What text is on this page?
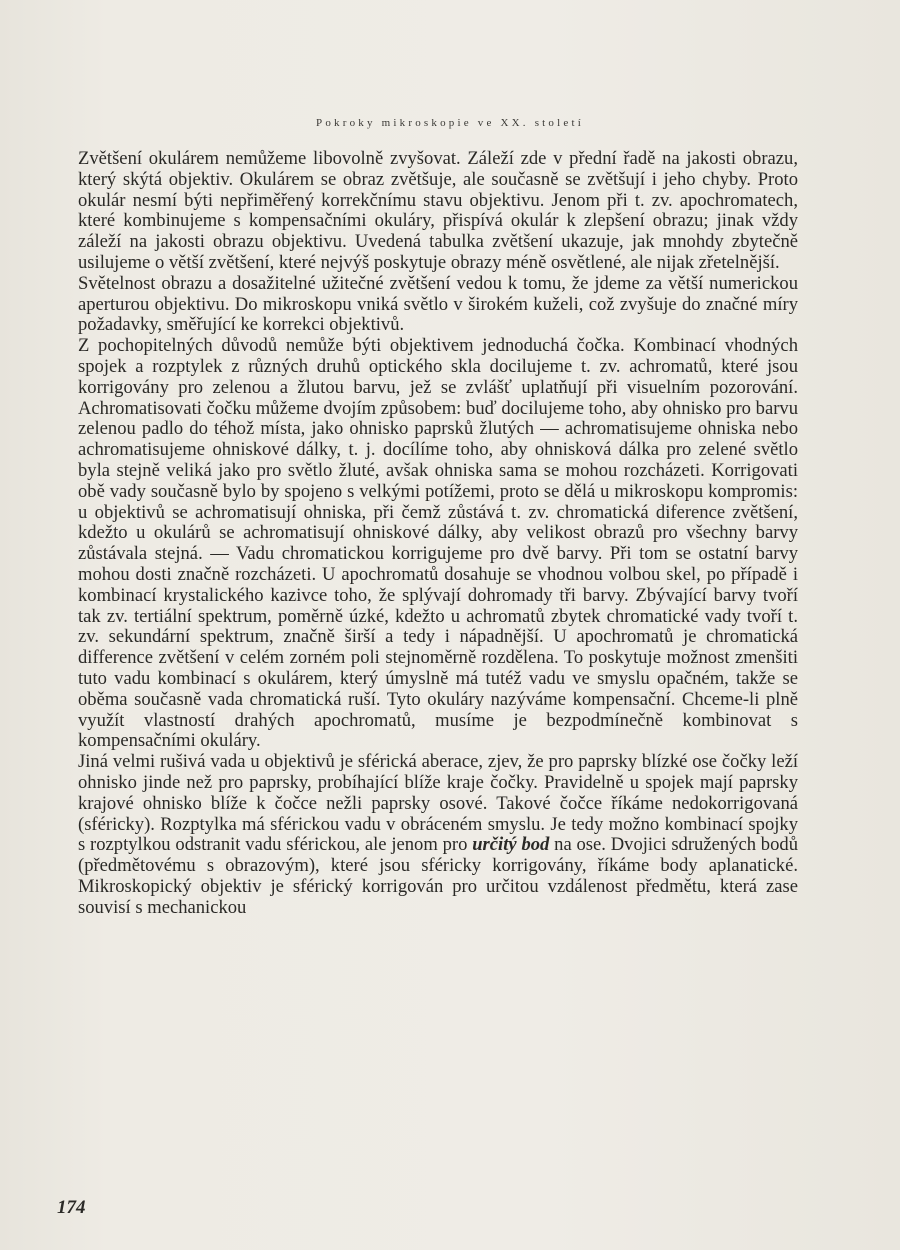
Pokroky mikroskopie ve XX. století

Zvětšení okulárem nemůžeme libovolně zvyšovat. Záleží zde v přední řadě na jakosti obrazu, který skýtá objektiv. Okulárem se obraz zvětšuje, ale současně se zvětšují i jeho chyby. Proto okulár nesmí býti nepřiměřený korrekčnímu stavu objektivu. Jenom při t. zv. apochromatech, které kombinujeme s kompensačními okuláry, přispívá okulár k zlepšení obrazu; jinak vždy záleží na jakosti obrazu objektivu. Uvedená tabulka zvětšení ukazuje, jak mnohdy zbytečně usilujeme o větší zvětšení, které nejvýš poskytuje obrazy méně osvětlené, ale nijak zřetelnější.

Světelnost obrazu a dosažitelné užitečné zvětšení vedou k tomu, že jdeme za větší numerickou aperturou objektivu. Do mikroskopu vniká světlo v širokém kuželi, což zvyšuje do značné míry požadavky, směřující ke korrekci objektivů.

Z pochopitelných důvodů nemůže býti objektivem jednoduchá čočka. Kombinací vhodných spojek a rozptylek z různých druhů optického skla docilujeme t. zv. achromatů, které jsou korrigovány pro zelenou a žlutou barvu, jež se zvlášť uplatňují při visuelním pozorování. Achromatisovati čočku můžeme dvojím způsobem: buď docilujeme toho, aby ohnisko pro barvu zelenou padlo do téhož místa, jako ohnisko paprsků žlutých — achromatisujeme ohniska nebo achromatisujeme ohniskové dálky, t. j. docílíme toho, aby ohnisková dálka pro zelené světlo byla stejně veliká jako pro světlo žluté, avšak ohniska sama se mohou rozcházeti. Korrigovati obě vady současně bylo by spojeno s velkými potížemi, proto se dělá u mikroskopu kompromis: u objektivů se achromatisují ohniska, při čemž zůstává t. zv. chromatická diference zvětšení, kdežto u okulárů se achromatisují ohniskové dálky, aby velikost obrazů pro všechny barvy zůstávala stejná. — Vadu chromatickou korrigujeme pro dvě barvy. Při tom se ostatní barvy mohou dosti značně rozcházeti. U apochromatů dosahuje se vhodnou volbou skel, po případě i kombinací krystalického kazivce toho, že splývají dohromady tři barvy. Zbývající barvy tvoří tak zv. tertiální spektrum, poměrně úzké, kdežto u achromatů zbytek chromatické vady tvoří t. zv. sekundární spektrum, značně širší a tedy i nápadnější. U apochromatů je chromatická difference zvětšení v celém zorném poli stejnoměrně rozdělena. To poskytuje možnost zmenšiti tuto vadu kombinací s okulárem, který úmyslně má tutéž vadu ve smyslu opačném, takže se oběma současně vada chromatická ruší. Tyto okuláry nazýváme kompensační. Chceme-li plně využít vlastností drahých apochromatů, musíme je bezpodmínečně kombinovat s kompensačními okuláry.

Jiná velmi rušivá vada u objektivů je sférická aberace, zjev, že pro paprsky blízké ose čočky leží ohnisko jinde než pro paprsky, probíhající blíže kraje čočky. Pravidelně u spojek mají paprsky krajové ohnisko blíže k čočce nežli paprsky osové. Takové čočce říkáme nedokorrigovaná (sféricky). Rozptylka má sférickou vadu v obráceném smyslu. Je tedy možno kombinací spojky s rozptylkou odstranit vadu sférickou, ale jenom pro určitý bod na ose. Dvojici sdružených bodů (předmětovému s obrazovým), které jsou sféricky korrigovány, říkáme body aplanatické. Mikroskopický objektiv je sférický korrigován pro určitou vzdálenost předmětu, která zase souvisí s mechanickou

174
